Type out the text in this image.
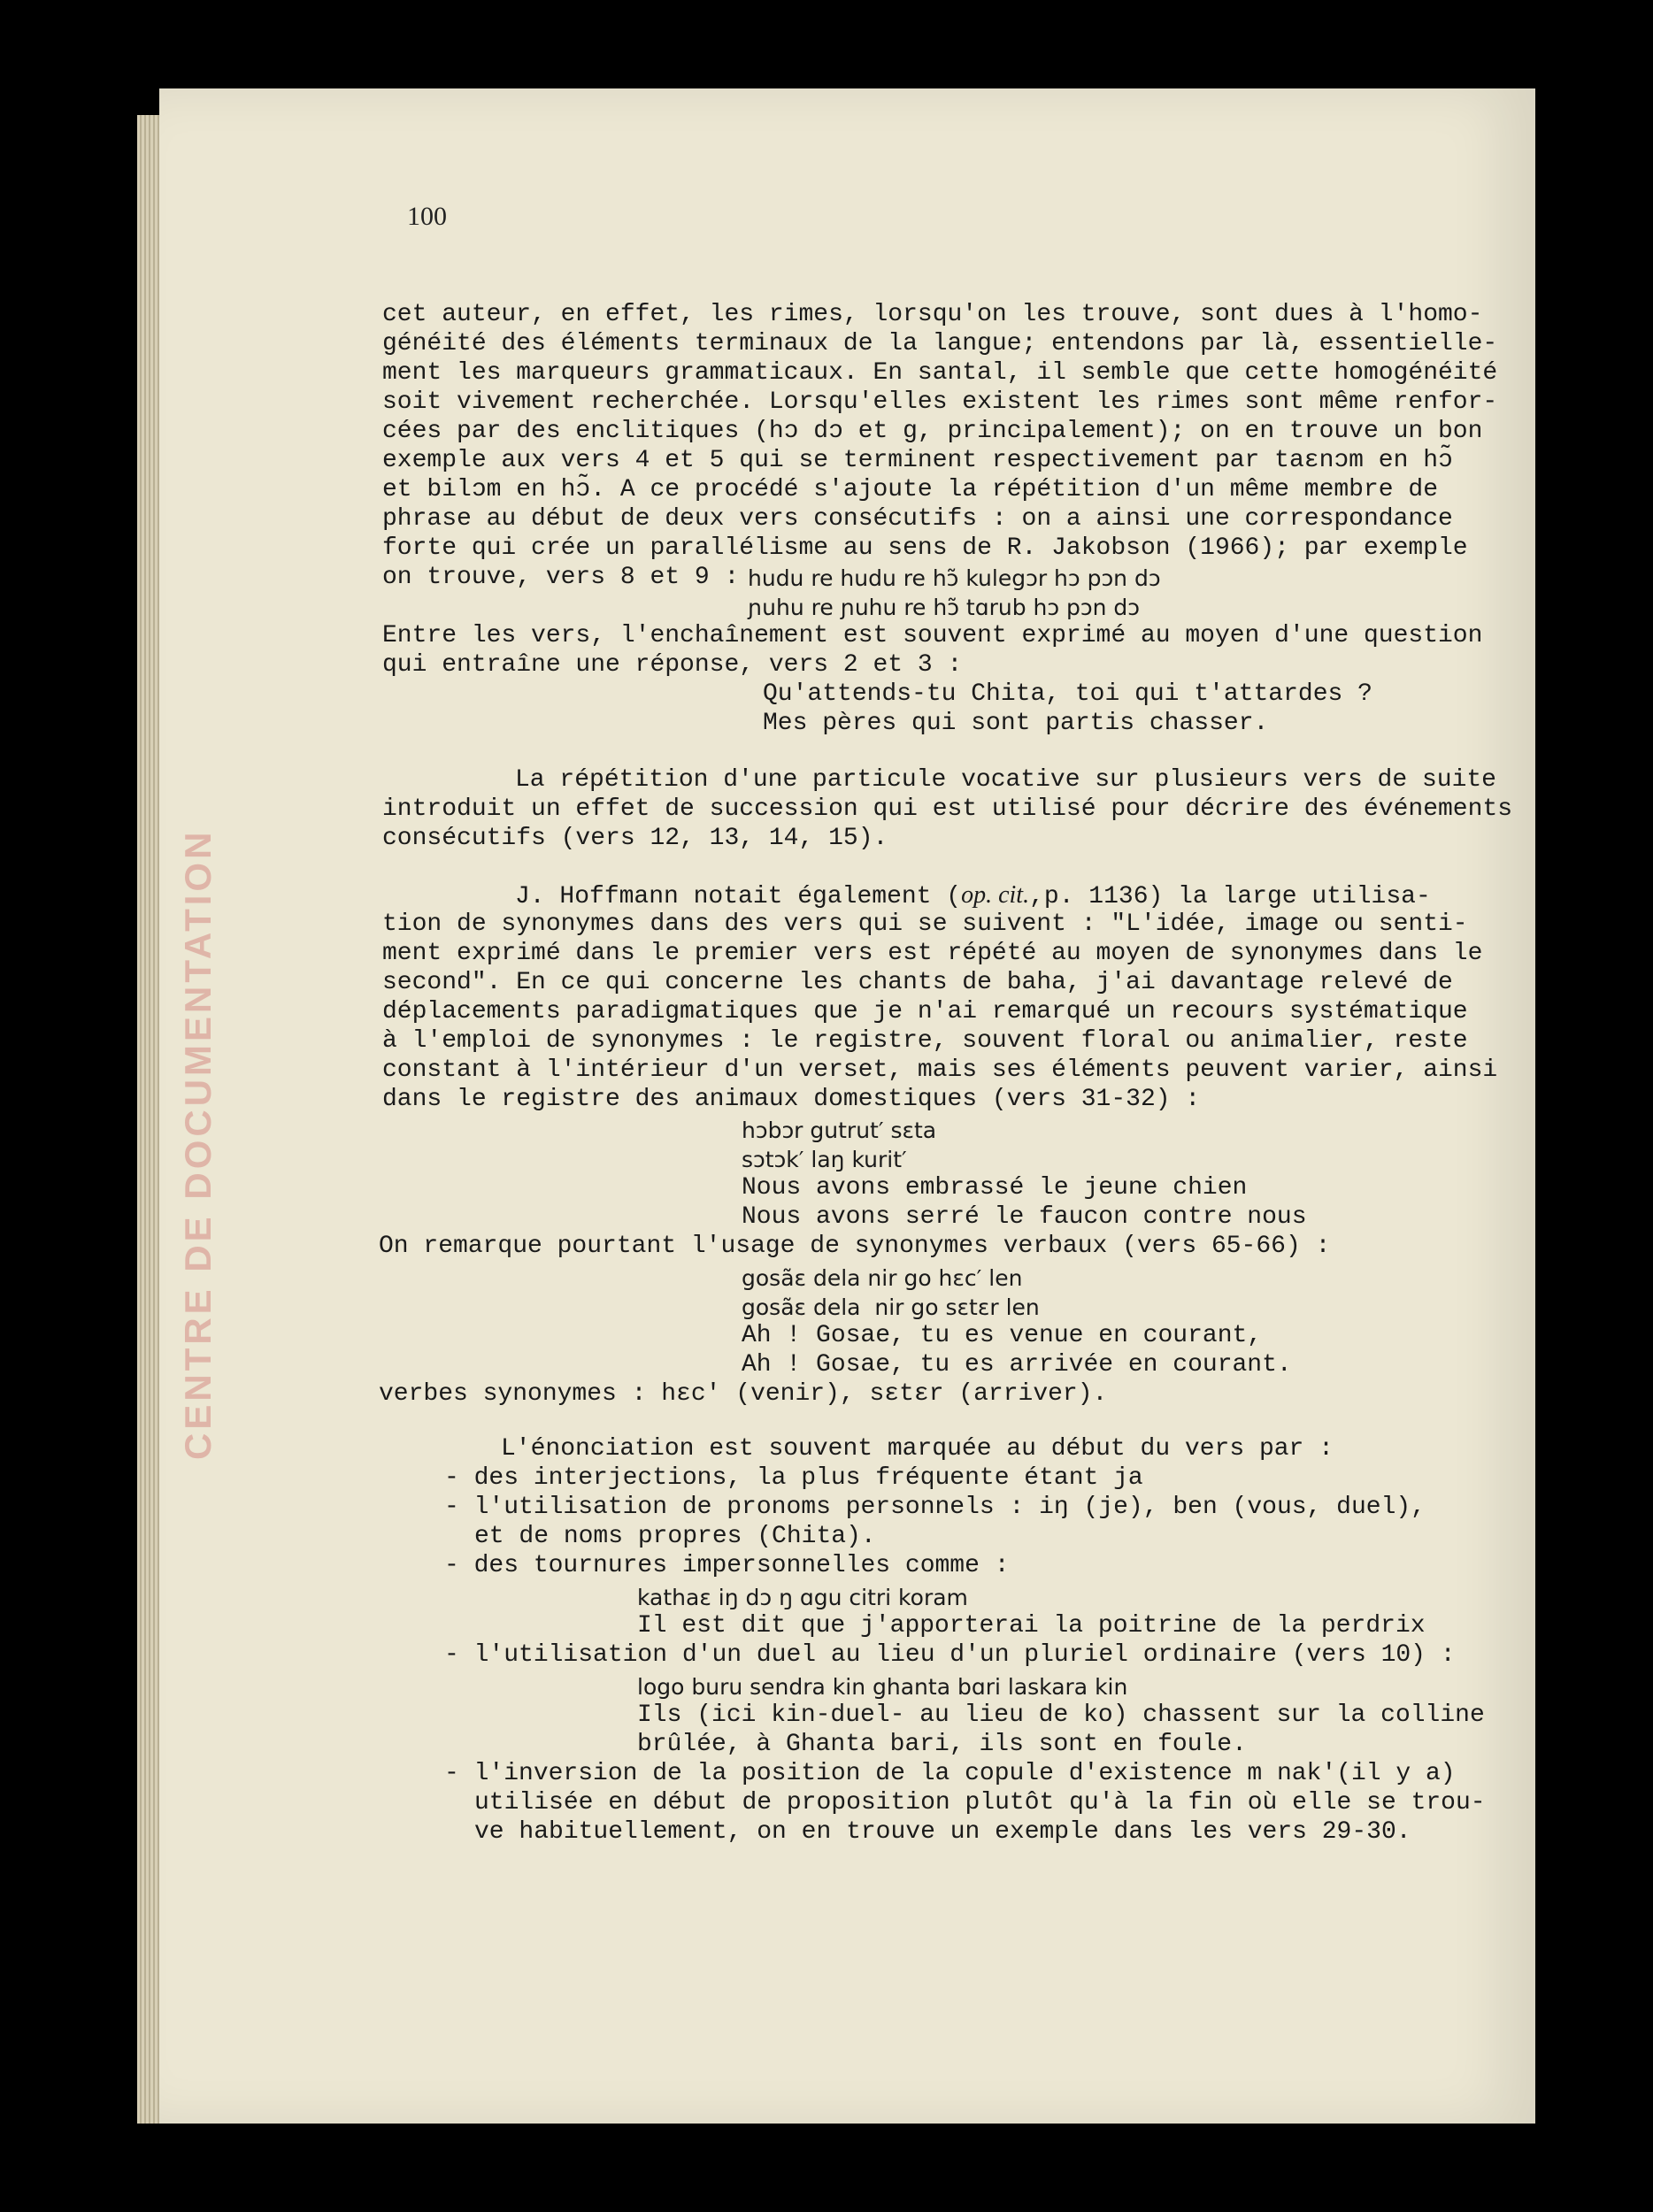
CENTRE DE DOCUMENTATION
100
cet auteur, en effet, les rimes, lorsqu'on les trouve, sont dues à l'homo-
généité des éléments terminaux de la langue; entendons par là, essentielle-
ment les marqueurs grammaticaux. En santal, il semble que cette homogénéité
soit vivement recherchée. Lorsqu'elles existent les rimes sont même renfor-
cées par des enclitiques (hɔ dɔ et g, principalement); on en trouve un bon
exemple aux vers 4 et 5 qui se terminent respectivement par taɛnɔm en hɔ̃
et bilɔm en hɔ̃. A ce procédé s'ajoute la répétition d'un même membre de
phrase au début de deux vers consécutifs : on a ainsi une correspondance
forte qui crée un parallélisme au sens de R. Jakobson (1966); par exemple
on trouve, vers 8 et 9 :
hudu re hudu re hɔ̃ kulegɔr hɔ pɔn dɔ
ɲuhu re ɲuhu re hɔ̃ tɑrub hɔ pɔn dɔ
Entre les vers, l'enchaînement est souvent exprimé au moyen d'une question
qui entraîne une réponse, vers 2 et 3 :
Qu'attends-tu Chita, toi qui t'attardes ?
Mes pères qui sont partis chasser.
La répétition d'une particule vocative sur plusieurs vers de suite
introduit un effet de succession qui est utilisé pour décrire des événements
consécutifs (vers 12, 13, 14, 15).
J. Hoffmann notait également (op. cit.,p. 1136) la large utilisa-
tion de synonymes dans des vers qui se suivent : "L'idée, image ou senti-
ment exprimé dans le premier vers est répété au moyen de synonymes dans le
second". En ce qui concerne les chants de baha, j'ai davantage relevé de
déplacements paradigmatiques que je n'ai remarqué un recours systématique
à l'emploi de synonymes : le registre, souvent floral ou animalier, reste
constant à l'intérieur d'un verset, mais ses éléments peuvent varier, ainsi
dans le registre des animaux domestiques (vers 31-32) :
hɔbɔr gutrut′ sɛta
sɔtɔk′ laŋ kurit′
Nous avons embrassé le jeune chien
Nous avons serré le faucon contre nous
On remarque pourtant l'usage de synonymes verbaux (vers 65-66) :
gosãɛ dela nir go hɛc′ len
gosãɛ dela  nir go sɛtɛr len
Ah ! Gosae, tu es venue en courant,
Ah ! Gosae, tu es arrivée en courant.
verbes synonymes : hɛc′ (venir), sɛtɛr (arriver).
L'énonciation est souvent marquée au début du vers par :
- des interjections, la plus fréquente étant ja
- l'utilisation de pronoms personnels : iŋ (je), ben (vous, duel),
et de noms propres (Chita).
- des tournures impersonnelles comme :
kathaɛ iŋ dɔ ŋ ɑgu citri koram
Il est dit que j'apporterai la poitrine de la perdrix
- l'utilisation d'un duel au lieu d'un pluriel ordinaire (vers 10) :
logo buru sendra kin ghanta bɑri laskara kin
Ils (ici kin-duel- au lieu de ko) chassent sur la colline
brûlée, à Ghanta bari, ils sont en foule.
- l'inversion de la position de la copule d'existence m nak′(il y a)
utilisée en début de proposition plutôt qu'à la fin où elle se trou-
ve habituellement, on en trouve un exemple dans les vers 29-30.
